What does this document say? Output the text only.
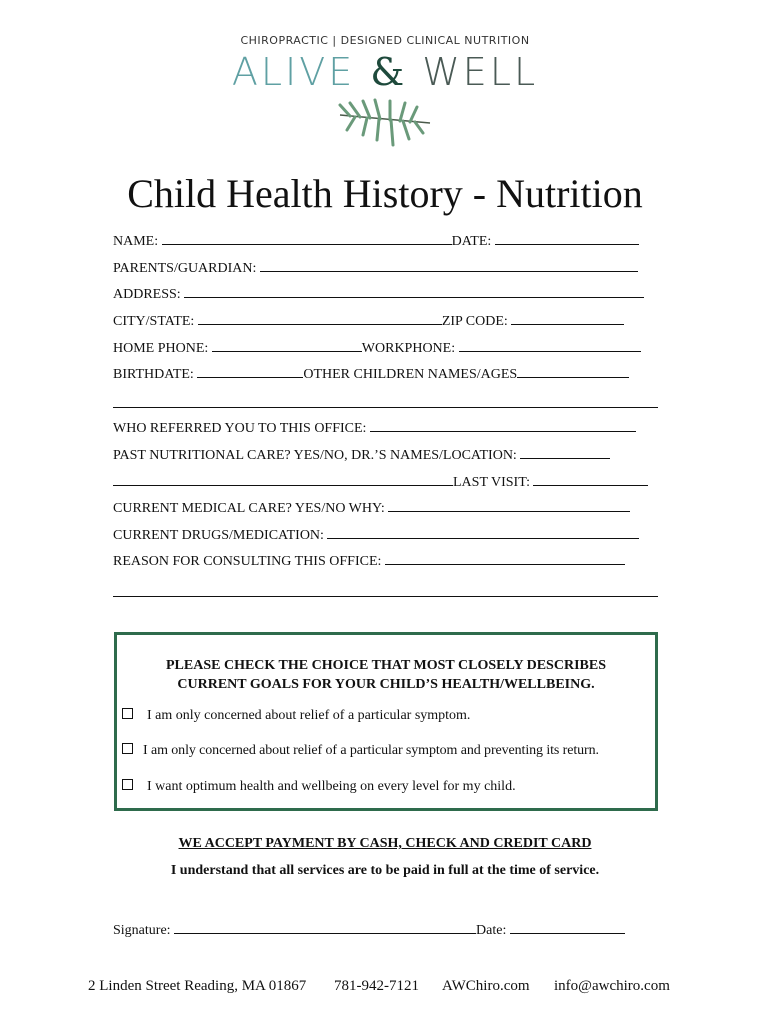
CHIROPRACTIC | DESIGNED CLINICAL NUTRITION
ALIVE & WELL
Child Health History - Nutrition
NAME:	DATE:
PARENTS/GUARDIAN:
ADDRESS:
CITY/STATE:	ZIP CODE:
HOME PHONE:	WORKPHONE:
BIRTHDATE:	OTHER CHILDREN NAMES/AGES
WHO REFERRED YOU TO THIS OFFICE:
PAST NUTRITIONAL CARE? YES/NO, DR.’S NAMES/LOCATION:
LAST VISIT:
CURRENT MEDICAL CARE? YES/NO WHY:
CURRENT DRUGS/MEDICATION:
REASON FOR CONSULTING THIS OFFICE:
PLEASE CHECK THE CHOICE THAT MOST CLOSELY DESCRIBES
CURRENT GOALS FOR YOUR CHILD’S HEALTH/WELLBEING.
I am only concerned about relief of a particular symptom.
I am only concerned about relief of a particular symptom and preventing its return.
I want optimum health and wellbeing on every level for my child.
WE ACCEPT PAYMENT BY CASH, CHECK AND CREDIT CARD
I understand that all services are to be paid in full at the time of service.
Signature:	Date:
2 Linden Street Reading, MA 01867 781-942-7121 AWChiro.com info@awchiro.com
